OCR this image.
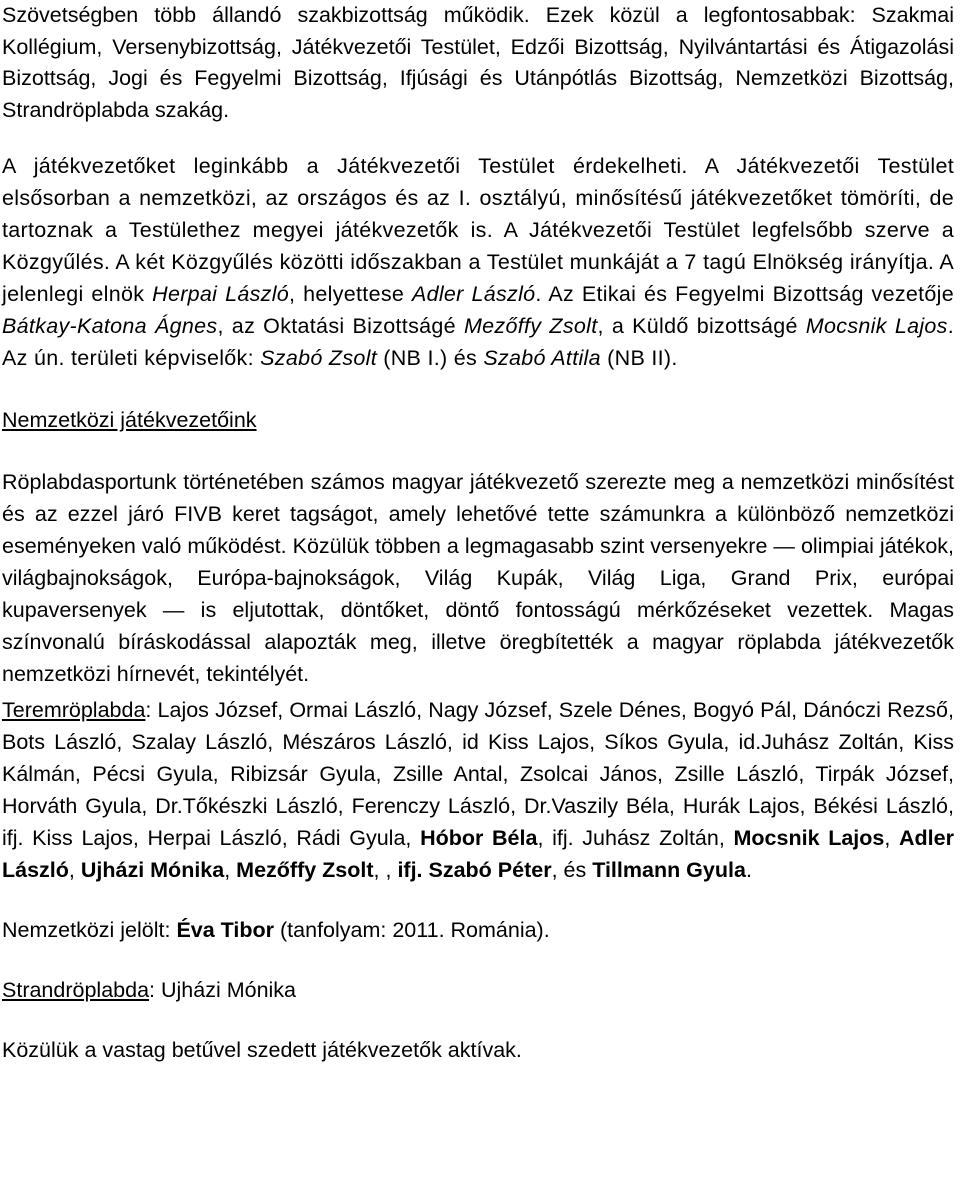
Szövetségben több állandó szakbizottság működik. Ezek közül a legfontosabbak: Szakmai Kollégium, Versenybizottság, Játékvezetői Testület, Edzői Bizottság, Nyilvántartási és Átigazolási Bizottság, Jogi és Fegyelmi Bizottság, Ifjúsági és Utánpótlás Bizottság, Nemzetközi Bizottság, Strandröplabda szakág.

A játékvezetőket leginkább a Játékvezetői Testület érdekelheti. A Játékvezetői Testület elsősorban a nemzetközi, az országos és az I. osztályú, minősítésű játékvezetőket tömöríti, de tartoznak a Testülethez megyei játékvezetők is. A Játékvezetői Testület legfelsőbb szerve a Közgyűlés. A két Közgyűlés közötti időszakban a Testület munkáját a 7 tagú Elnökség irányítja. A jelenlegi elnök Herpai László, helyettese Adler László. Az Etikai és Fegyelmi Bizottság vezetője Bátkay-Katona Ágnes, az Oktatási Bizottságé Mezőffy Zsolt, a Küldő bizottságé Mocsnik Lajos. Az ún. területi képviselők: Szabó Zsolt (NB I.) és Szabó Attila (NB II).

Nemzetközi játékvezetőink

Röplabdasportunk történetében számos magyar játékvezető szerezte meg a nemzetközi minősítést és az ezzel járó FIVB keret tagságot, amely lehetővé tette számunkra a különböző nemzetközi eseményeken való működést. Közülük többen a legmagasabb szint versenyekre — olimpiai játékok, világbajnokságok, Európa-bajnokságok, Világ Kupák, Világ Liga, Grand Prix, európai kupaversenyek — is eljutottak, döntőket, döntő fontosságú mérkőzéseket vezettek. Magas színvonalú bíráskodással alapozták meg, illetve öregbítették a magyar röplabda játékvezetők nemzetközi hírnevét, tekintélyét.

Teremröplabda: Lajos József, Ormai László, Nagy József, Szele Dénes, Bogyó Pál, Dánóczi Rezső, Bots László, Szalay László, Mészáros László, id Kiss Lajos, Síkos Gyula, id.Juhász Zoltán, Kiss Kálmán, Pécsi Gyula, Ribizsár Gyula, Zsille Antal, Zsolcai János, Zsille László, Tirpák József, Horváth Gyula, Dr.Tőkészki László, Ferenczy László, Dr.Vaszily Béla, Hurák Lajos, Békési László, ifj. Kiss Lajos, Herpai László, Rádi Gyula, Hóbor Béla, ifj. Juhász Zoltán, Mocsnik Lajos, Adler László, Ujházi Mónika, Mezőffy Zsolt, , ifj. Szabó Péter, és Tillmann Gyula.

Nemzetközi jelölt: Éva Tibor (tanfolyam: 2011. Románia).

Strandröplabda: Ujházi Mónika

Közülük a vastag betűvel szedett játékvezetők aktívak.
